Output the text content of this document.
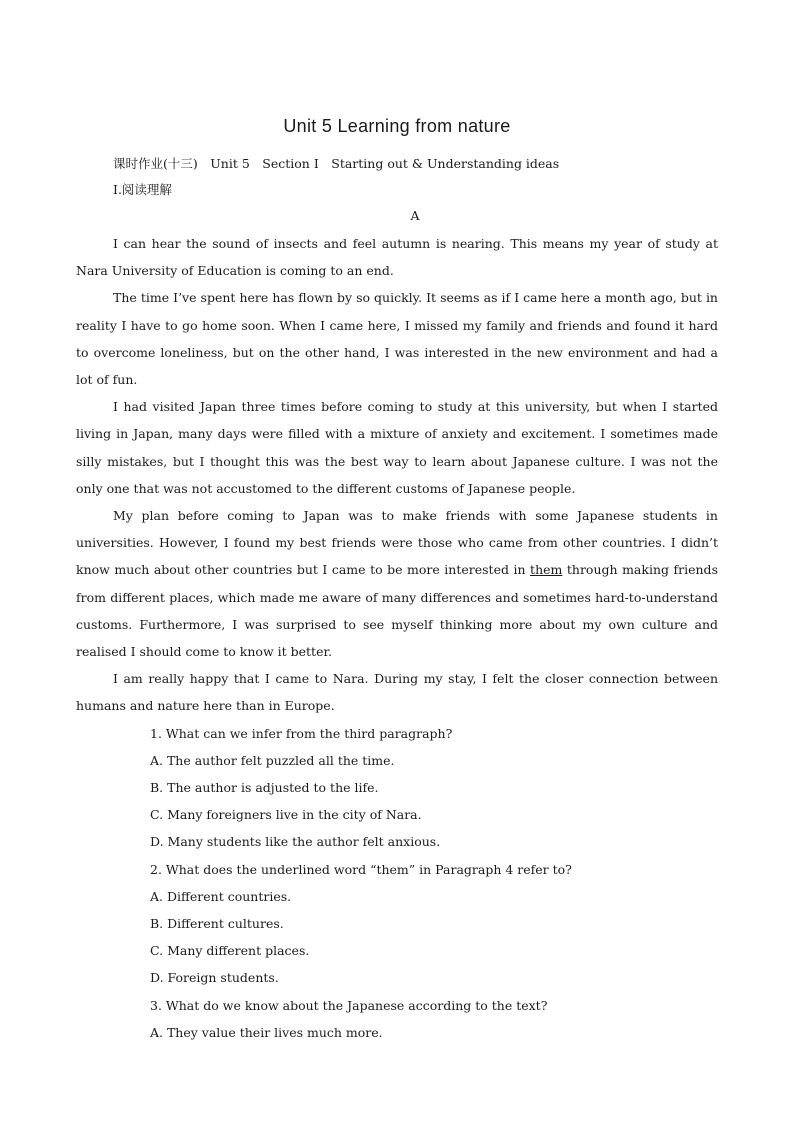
Unit 5 Learning from nature

课时作业(十三)　Unit 5　Section Ⅰ　Starting out & Understanding ideas

Ⅰ.阅读理解

A

I can hear the sound of insects and feel autumn is nearing. This means my year of study at Nara University of Education is coming to an end.

The time I’ve spent here has flown by so quickly. It seems as if I came here a month ago, but in reality I have to go home soon. When I came here, I missed my family and friends and found it hard to overcome loneliness, but on the other hand, I was interested in the new environment and had a lot of fun.

I had visited Japan three times before coming to study at this university, but when I started living in Japan, many days were filled with a mixture of anxiety and excitement. I sometimes made silly mistakes, but I thought this was the best way to learn about Japanese culture. I was not the only one that was not accustomed to the different customs of Japanese people.

My plan before coming to Japan was to make friends with some Japanese students in universities. However, I found my best friends were those who came from other countries. I didn’t know much about other countries but I came to be more interested in them through making friends from different places, which made me aware of many differences and sometimes hard-to-understand customs. Furthermore, I was surprised to see myself thinking more about my own culture and realised I should come to know it better.

I am really happy that I came to Nara. During my stay, I felt the closer connection between humans and nature here than in Europe.

1. What can we infer from the third paragraph?

A. The author felt puzzled all the time.

B. The author is adjusted to the life.

C. Many foreigners live in the city of Nara.

D. Many students like the author felt anxious.

2. What does the underlined word “them” in Paragraph 4 refer to?

A. Different countries.

B. Different cultures.

C. Many different places.

D. Foreign students.

3. What do we know about the Japanese according to the text?

A. They value their lives much more.
